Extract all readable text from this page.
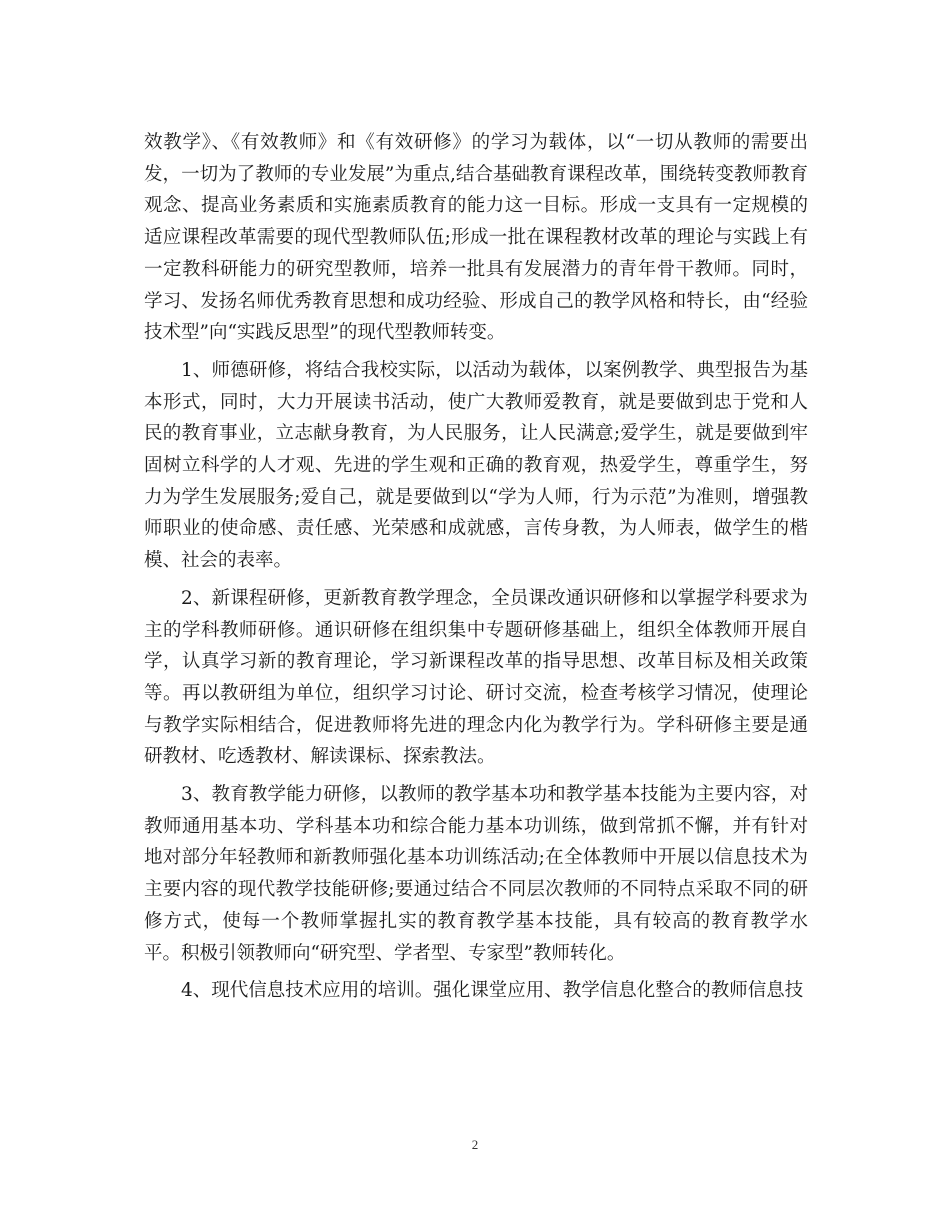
效教学》、《有效教师》和《有效研修》的学习为载体，以“一切从教师的需要出发，一切为了教师的专业发展”为重点,结合基础教育课程改革，围绕转变教师教育观念、提高业务素质和实施素质教育的能力这一目标。形成一支具有一定规模的适应课程改革需要的现代型教师队伍;形成一批在课程教材改革的理论与实践上有一定教科研能力的研究型教师，培养一批具有发展潜力的青年骨干教师。同时，学习、发扬名师优秀教育思想和成功经验、形成自己的教学风格和特长，由“经验技术型”向“实践反思型”的现代型教师转变。

1、师德研修，将结合我校实际，以活动为载体，以案例教学、典型报告为基本形式，同时，大力开展读书活动，使广大教师爱教育，就是要做到忠于党和人民的教育事业，立志献身教育，为人民服务，让人民满意;爱学生，就是要做到牢固树立科学的人才观、先进的学生观和正确的教育观，热爱学生，尊重学生，努力为学生发展服务;爱自己，就是要做到以“学为人师，行为示范”为准则，增强教师职业的使命感、责任感、光荣感和成就感，言传身教，为人师表，做学生的楷模、社会的表率。

2、新课程研修，更新教育教学理念，全员课改通识研修和以掌握学科要求为主的学科教师研修。通识研修在组织集中专题研修基础上，组织全体教师开展自学，认真学习新的教育理论，学习新课程改革的指导思想、改革目标及相关政策等。再以教研组为单位，组织学习讨论、研讨交流，检查考核学习情况，使理论与教学实际相结合，促进教师将先进的理念内化为教学行为。学科研修主要是通研教材、吃透教材、解读课标、探索教法。

3、教育教学能力研修，以教师的教学基本功和教学基本技能为主要内容，对教师通用基本功、学科基本功和综合能力基本功训练，做到常抓不懈，并有针对地对部分年轻教师和新教师强化基本功训练活动;在全体教师中开展以信息技术为主要内容的现代教学技能研修;要通过结合不同层次教师的不同特点采取不同的研修方式，使每一个教师掌握扎实的教育教学基本技能，具有较高的教育教学水平。积极引领教师向“研究型、学者型、专家型”教师转化。

4、现代信息技术应用的培训。强化课堂应用、教学信息化整合的教师信息技

2
